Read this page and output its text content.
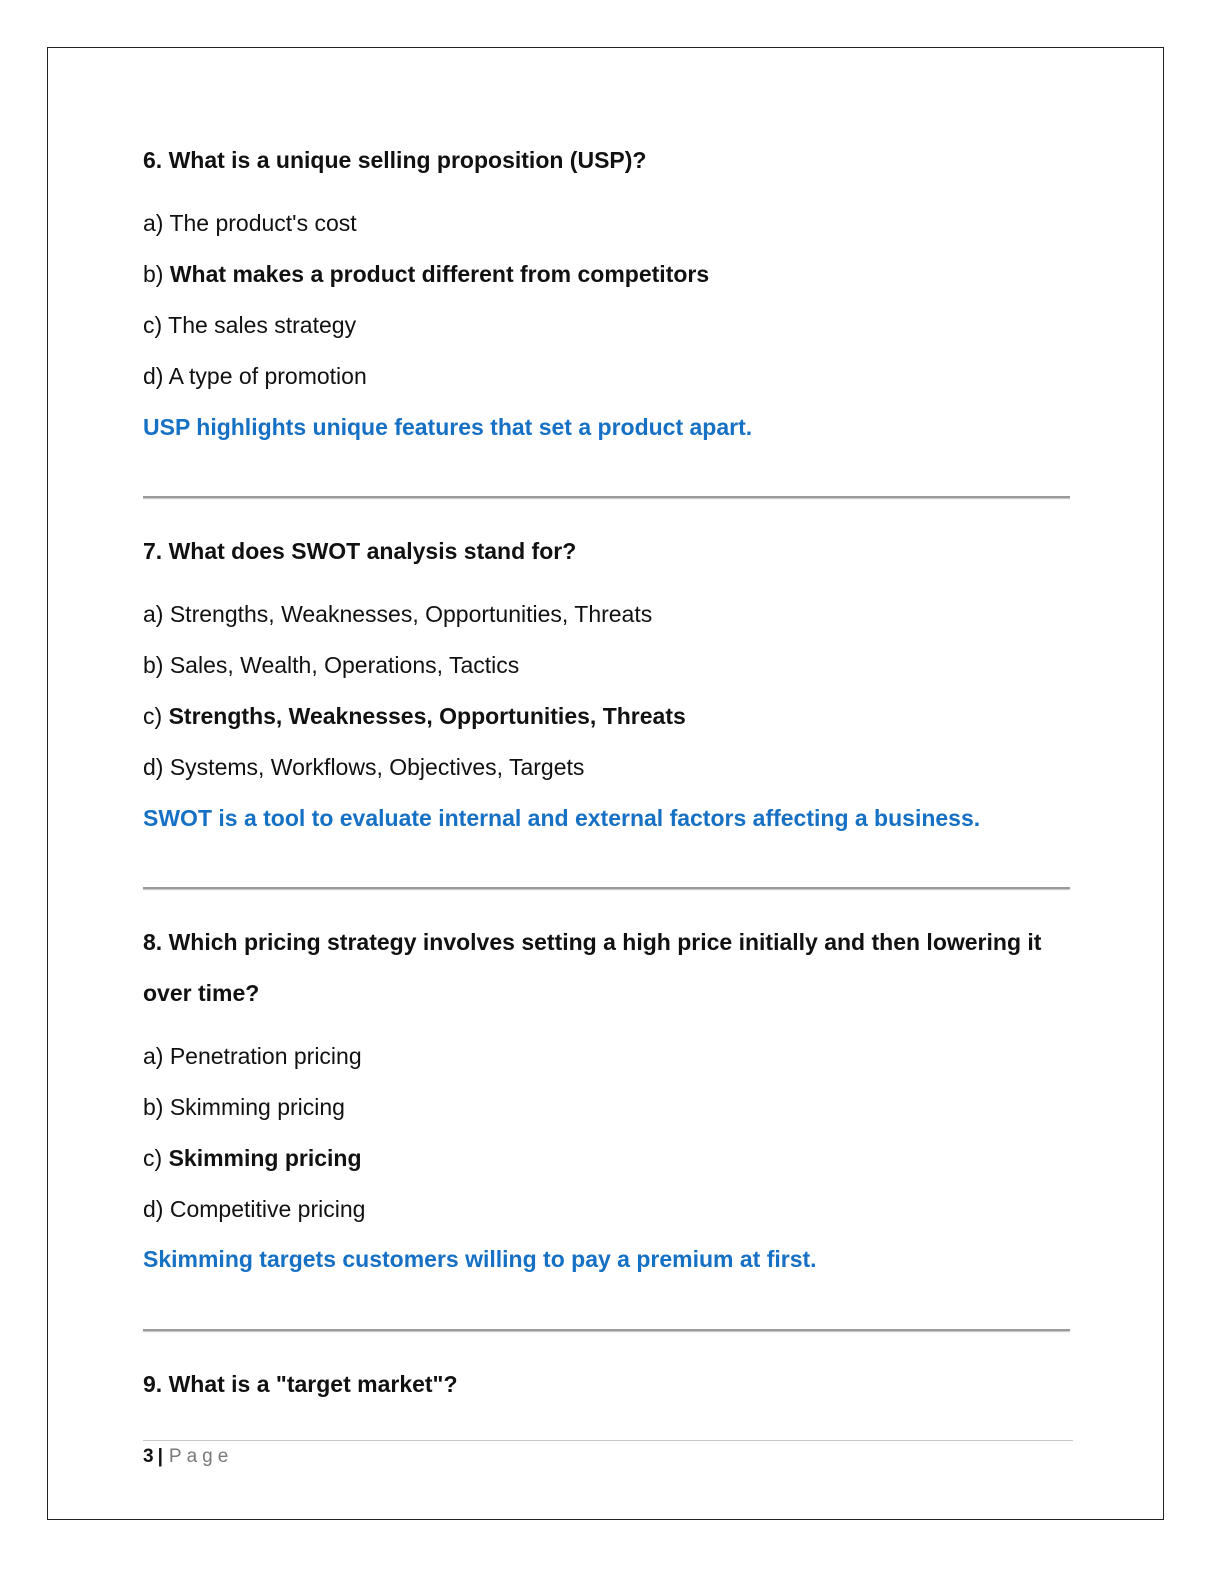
6. What is a unique selling proposition (USP)?

a) The product's cost

b) What makes a product different from competitors

c) The sales strategy

d) A type of promotion

USP highlights unique features that set a product apart.

7. What does SWOT analysis stand for?

a) Strengths, Weaknesses, Opportunities, Threats

b) Sales, Wealth, Operations, Tactics

c) Strengths, Weaknesses, Opportunities, Threats

d) Systems, Workflows, Objectives, Targets

SWOT is a tool to evaluate internal and external factors affecting a business.

8. Which pricing strategy involves setting a high price initially and then lowering it over time?

a) Penetration pricing

b) Skimming pricing

c) Skimming pricing

d) Competitive pricing

Skimming targets customers willing to pay a premium at first.

9. What is a "target market"?

3 | Page
